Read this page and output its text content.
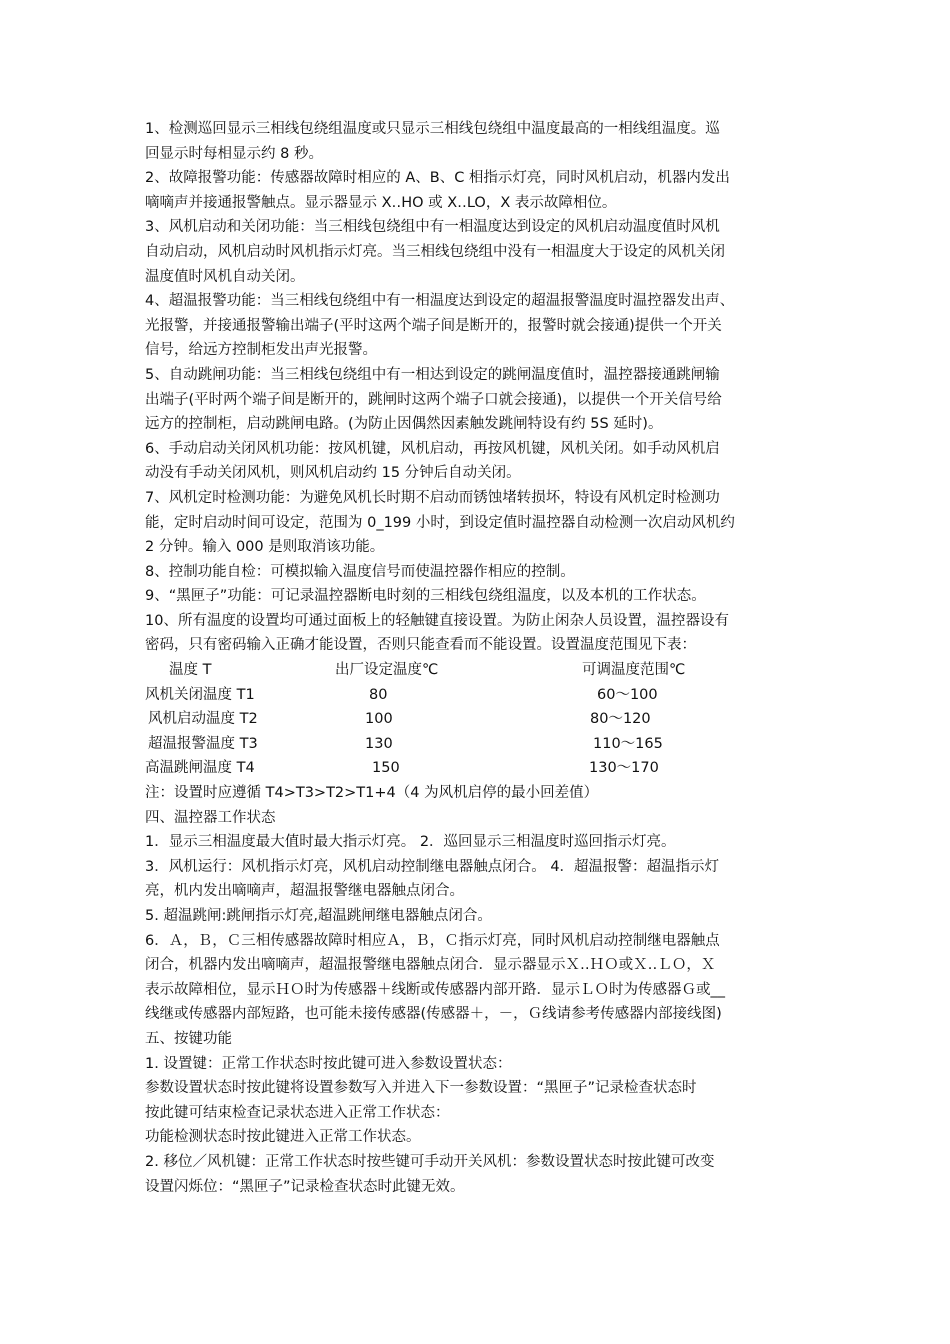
1、检测巡回显示三相线包绕组温度或只显示三相线包绕组中温度最高的一相线组温度。巡
回显示时每相显示约 8 秒。

2、故障报警功能：传感器故障时相应的 A、B、C 相指示灯亮，同时风机启动，机器内发出
嘀嘀声并接通报警触点。显示器显示 X‥HO 或 X‥LO，X 表示故障相位。

3、风机启动和关闭功能：当三相线包绕组中有一相温度达到设定的风机启动温度值时风机
自动启动，风机启动时风机指示灯亮。当三相线包绕组中没有一相温度大于设定的风机关闭
温度值时风机自动关闭。

4、超温报警功能：当三相线包绕组中有一相温度达到设定的超温报警温度时温控器发出声、
光报警，并接通报警输出端子(平时这两个端子间是断开的，报警时就会接通)提供一个开关
信号，给远方控制柜发出声光报警。

5、自动跳闸功能：当三相线包绕组中有一相达到设定的跳闸温度值时，温控器接通跳闸输
出端子(平时两个端子间是断开的，跳闸时这两个端子口就会接通)，以提供一个开关信号给
远方的控制柜，启动跳闸电路。(为防止因偶然因素触发跳闸特设有约 5S 延时)。

6、手动启动关闭风机功能：按风机键，风机启动，再按风机键，风机关闭。如手动风机启
动没有手动关闭风机，则风机启动约 15 分钟后自动关闭。

7、风机定时检测功能：为避免风机长时期不启动而锈蚀堵转损坏，特设有风机定时检测功
能，定时启动时间可设定，范围为 0_199 小时，到设定值时温控器自动检测一次启动风机约
2 分钟。输入 000 是则取消该功能。

8、控制功能自检：可模拟输入温度信号而使温控器作相应的控制。

9、“黑匣子”功能：可记录温控器断电时刻的三相线包绕组温度，以及本机的工作状态。

10、所有温度的设置均可通过面板上的轻触键直接设置。为防止闲杂人员设置，温控器设有
密码，只有密码输入正确才能设置，否则只能查看而不能设置。设置温度范围见下表：

温度 T	出厂设定温度℃	可调温度范围℃
风机关闭温度 T1	80	60～100
风机启动温度 T2	100	80～120
超温报警温度 T3	130	110～165
高温跳闸温度 T4	150	130～170

注：设置时应遵循 T4>T3>T2>T1+4（4 为风机启停的最小回差值）

四、温控器工作状态

1．显示三相温度最大值时最大指示灯亮。 2．巡回显示三相温度时巡回指示灯亮。

3．风机运行：风机指示灯亮，风机启动控制继电器触点闭合。 4．超温报警：超温指示灯
亮，机内发出嘀嘀声，超温报警继电器触点闭合。

5. 超温跳闸:跳闸指示灯亮,超温跳闸继电器触点闭合。

6．Ａ，Ｂ，Ｃ三相传感器故障时相应Ａ，Ｂ，Ｃ指示灯亮，同时风机启动控制继电器触点
闭合，机器内发出嘀嘀声，超温报警继电器触点闭合．显示器显示Ｘ‥ＨＯ或Ｘ‥ＬＯ，Ｘ
表示故障相位，显示ＨＯ时为传感器＋线断或传感器内部开路．显示ＬＯ时为传感器Ｇ或__
线继或传感器内部短路，也可能未接传感器(传感器＋，－，Ｇ线请参考传感器内部接线图)

五、按键功能

1. 设置键：正常工作状态时按此键可进入参数设置状态：
参数设置状态时按此键将设置参数写入并进入下一参数设置：“黑匣子”记录检查状态时
按此键可结束检查记录状态进入正常工作状态：
功能检测状态时按此键进入正常工作状态。

2. 移位／风机键：正常工作状态时按些键可手动开关风机：参数设置状态时按此键可改变
设置闪烁位：“黑匣子”记录检查状态时此键无效。
